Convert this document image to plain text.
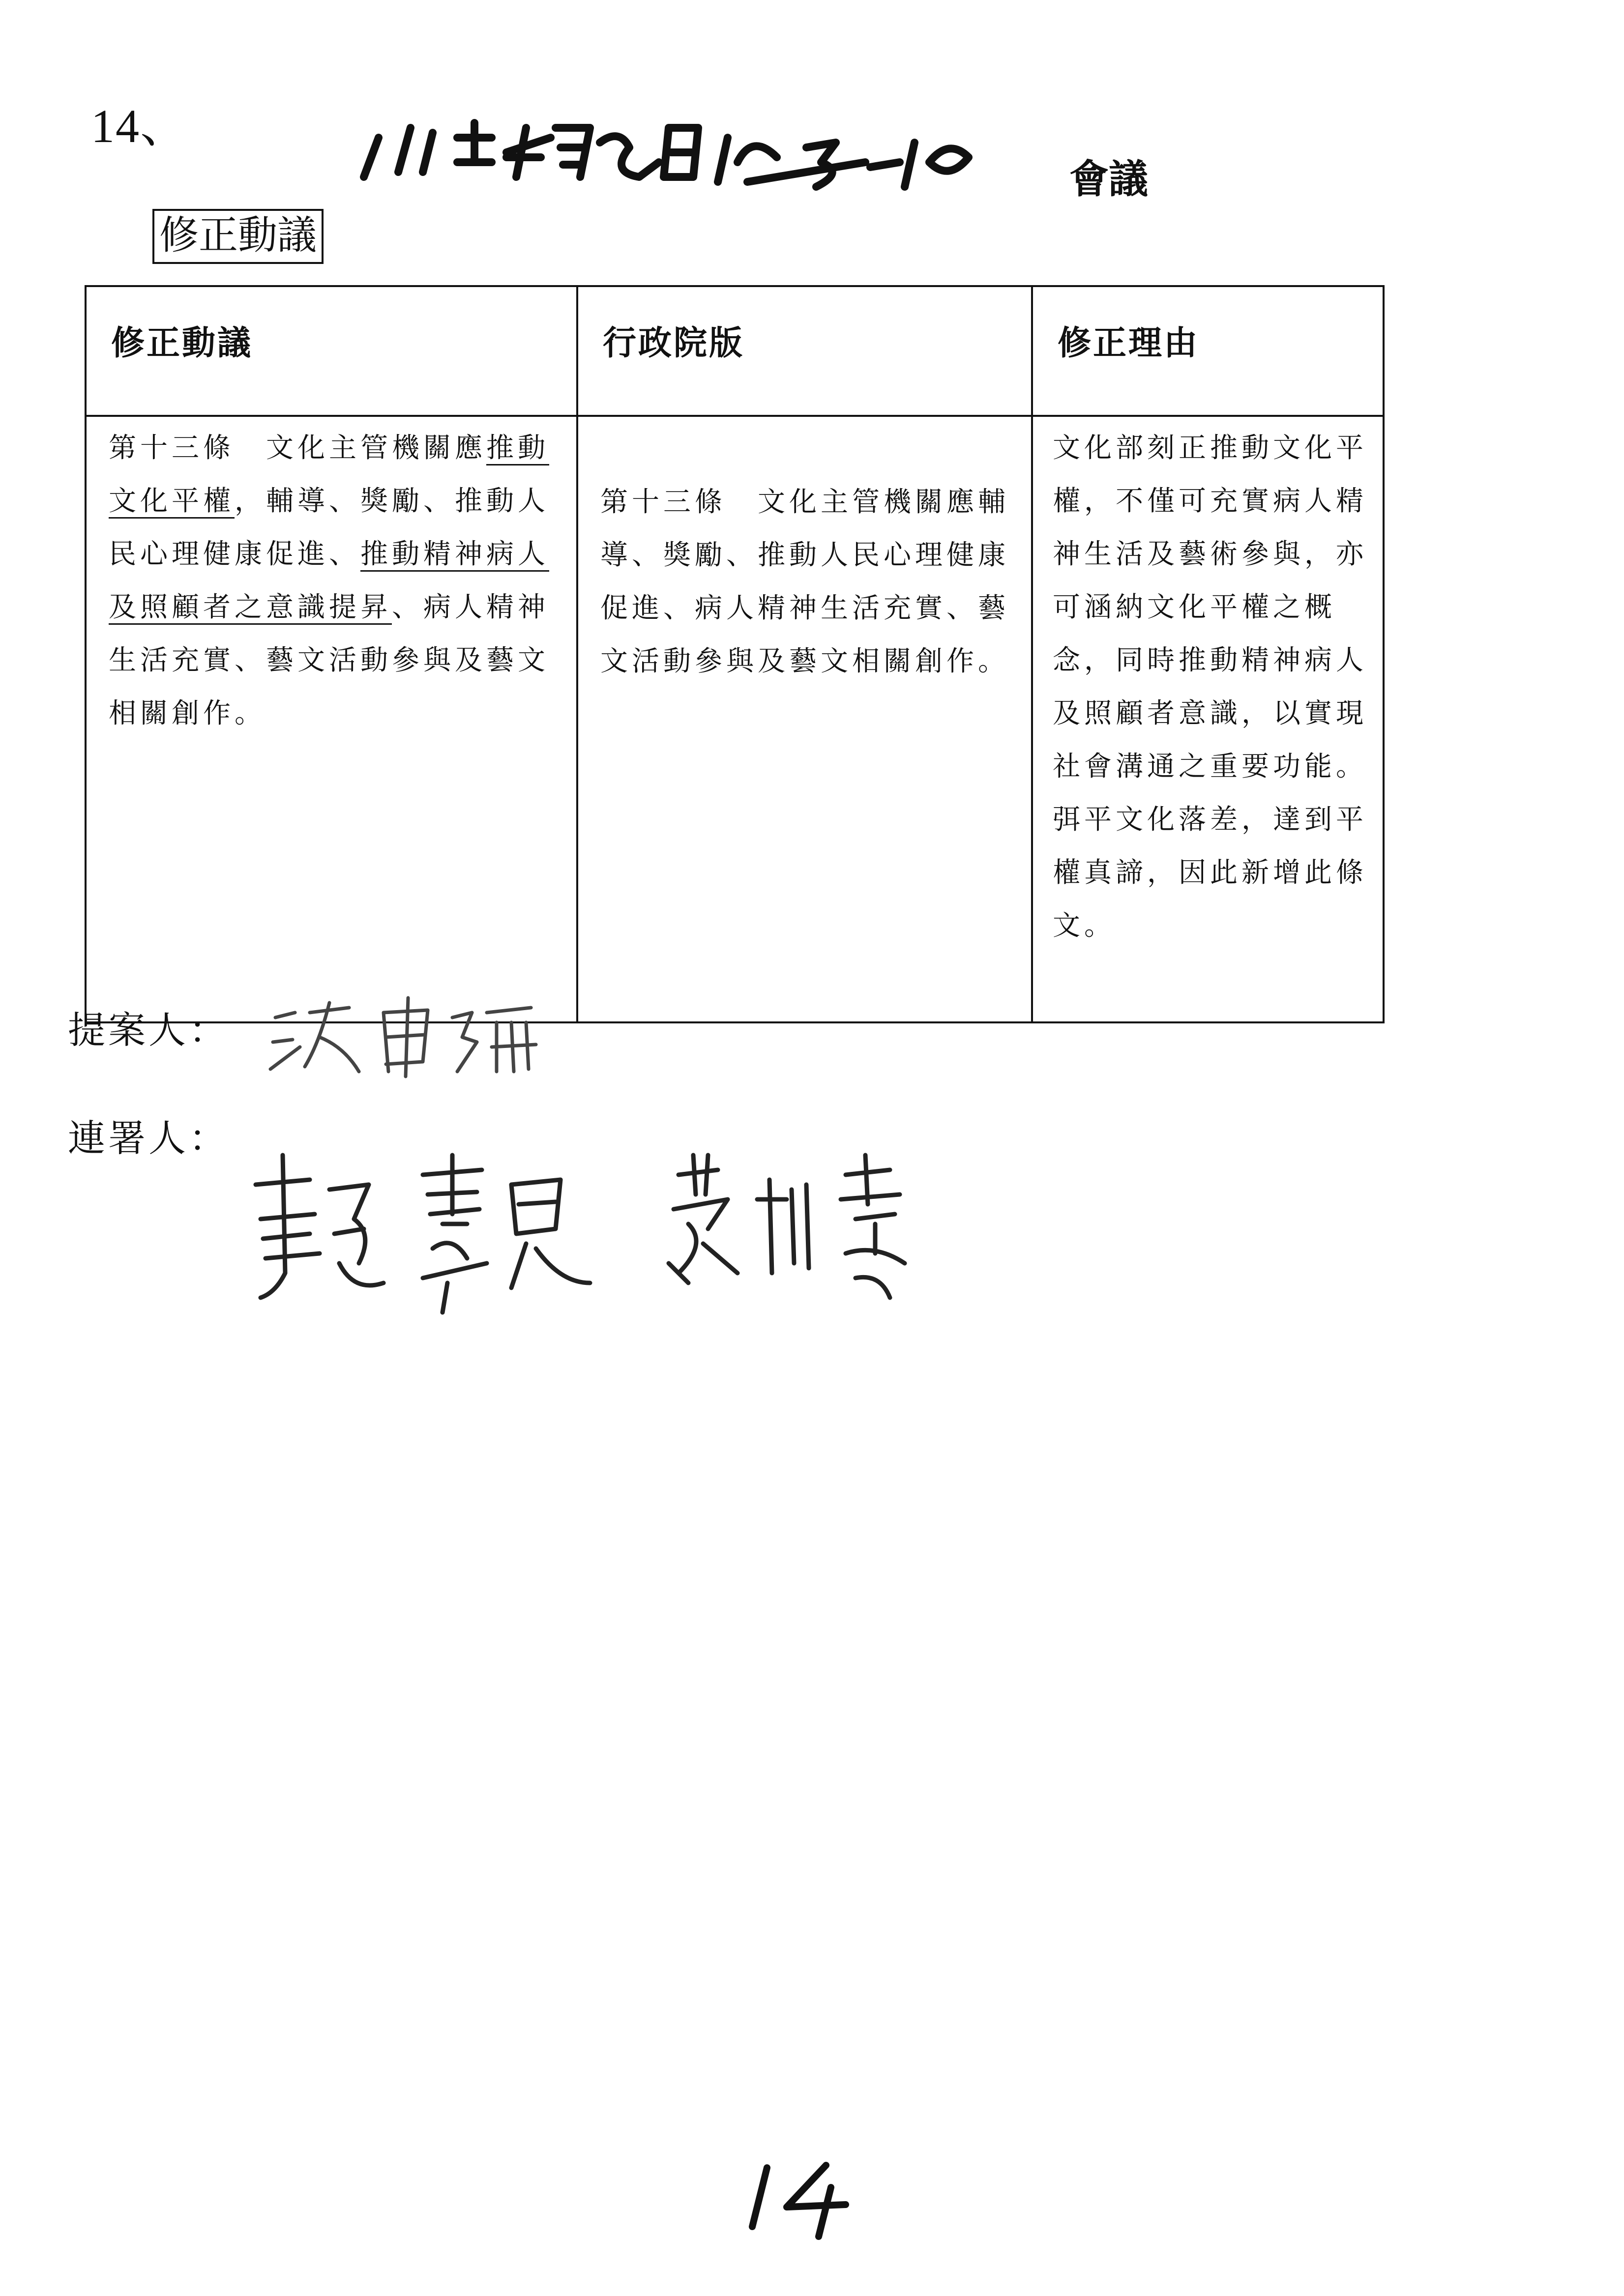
14、
會議
修正動議
修正動議	行政院版	修正理由
第十三條　 文化主管機關應推動文化平權，輔導、獎勵、推動人民心理健康促進、推動精神病人及照顧者之意識提昇、病人精神生活充實、藝文活動參與及藝文相關創作。	第十三條　 文化主管機關應輔導、獎勵、推動人民心理健康促進、病人精神生活充實、藝文活動參與及藝文相關創作。	文化部刻正推動文化平權，不僅可充實病人精神生活及藝術參與，亦可涵納文化平權之概念，同時推動精神病人及照顧者意識，以實現社會溝通之重要功能。弭平文化落差，達到平權真諦，因此新增此條文。
提案人：
連署人：
